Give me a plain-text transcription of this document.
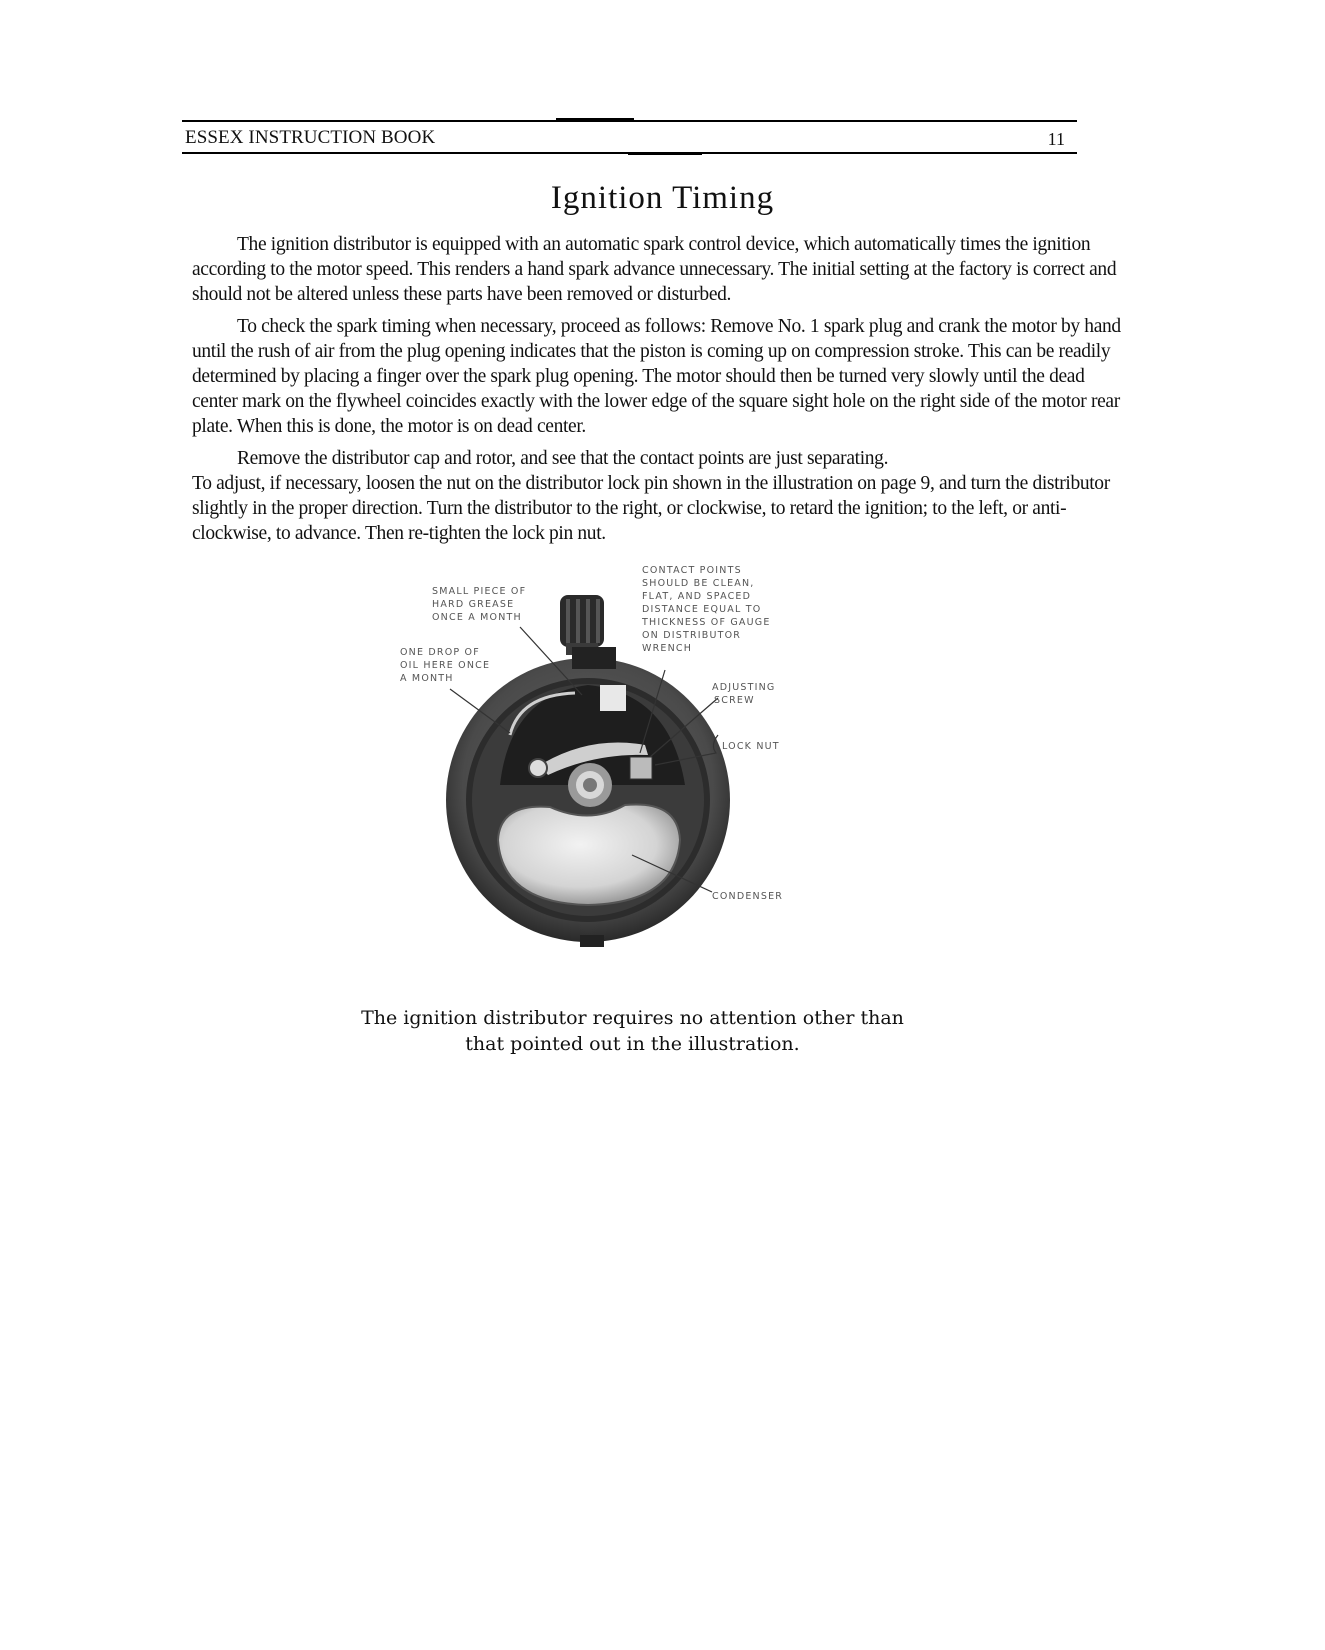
ESSEX INSTRUCTION BOOK	11
Ignition Timing

The ignition distributor is equipped with an automatic spark control device, which automatically times the ignition according to the motor speed. This renders a hand spark advance unnecessary. The initial setting at the factory is correct and should not be altered unless these parts have been removed or disturbed.

To check the spark timing when necessary, proceed as follows: Remove No. 1 spark plug and crank the motor by hand until the rush of air from the plug opening indicates that the piston is coming up on compression stroke. This can be readily determined by placing a finger over the spark plug opening. The motor should then be turned very slowly until the dead center mark on the flywheel coincides exactly with the lower edge of the square sight hole on the right side of the motor rear plate. When this is done, the motor is on dead center.

Remove the distributor cap and rotor, and see that the contact points are just separating.

To adjust, if necessary, loosen the nut on the distributor lock pin shown in the illustration on page 9, and turn the distributor slightly in the proper direction. Turn the distributor to the right, or clockwise, to retard the ignition; to the left, or anti-clockwise, to advance. Then re-tighten the lock pin nut.

SMALL PIECE OF
HARD GREASE
ONCE A MONTH
ONE DROP OF
OIL HERE ONCE
A MONTH
CONTACT POINTS
SHOULD BE CLEAN,
FLAT, AND SPACED
DISTANCE EQUAL TO
THICKNESS OF GAUGE
ON DISTRIBUTOR
WRENCH
ADJUSTING
SCREW
LOCK NUT
CONDENSER
The ignition distributor requires no attention other than
that pointed out in the illustration.
